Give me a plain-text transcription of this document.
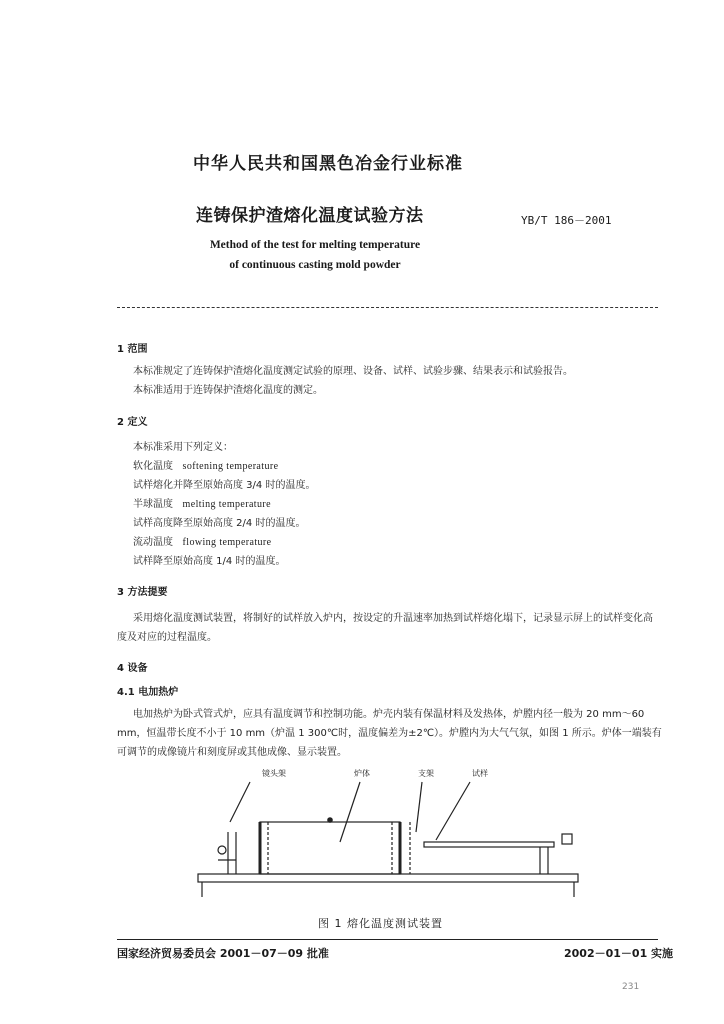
中华人民共和国黑色冶金行业标准
连铸保护渣熔化温度试验方法	YB/T 186－2001
Method of the test for melting temperature
of continuous casting mold powder
1 范围
本标准规定了连铸保护渣熔化温度测定试验的原理、设备、试样、试验步骤、结果表示和试验报告。
本标准适用于连铸保护渣熔化温度的测定。
2 定义
本标准采用下列定义：
软化温度 softening temperature
试样熔化并降至原始高度 3/4 时的温度。
半球温度 melting temperature
试样高度降至原始高度 2/4 时的温度。
流动温度 flowing temperature
试样降至原始高度 1/4 时的温度。
3 方法提要
采用熔化温度测试装置，将制好的试样放入炉内，按设定的升温速率加热到试样熔化塌下，记录显示屏上的试样变化高度及对应的过程温度。
4 设备
4.1 电加热炉
电加热炉为卧式管式炉，应具有温度调节和控制功能。炉壳内装有保温材料及发热体，炉膛内径一般为 20 mm～60 mm，恒温带长度不小于 10 mm（炉温 1 300℃时，温度偏差为±2℃）。炉膛内为大气气氛，如图 1 所示。炉体一端装有可调节的成像镜片和刻度屏或其他成像、显示装置。
镜头架	炉体	支架	试样
图 1 熔化温度测试装置
国家经济贸易委员会 2001－07－09 批准	2002－01－01 实施
231
